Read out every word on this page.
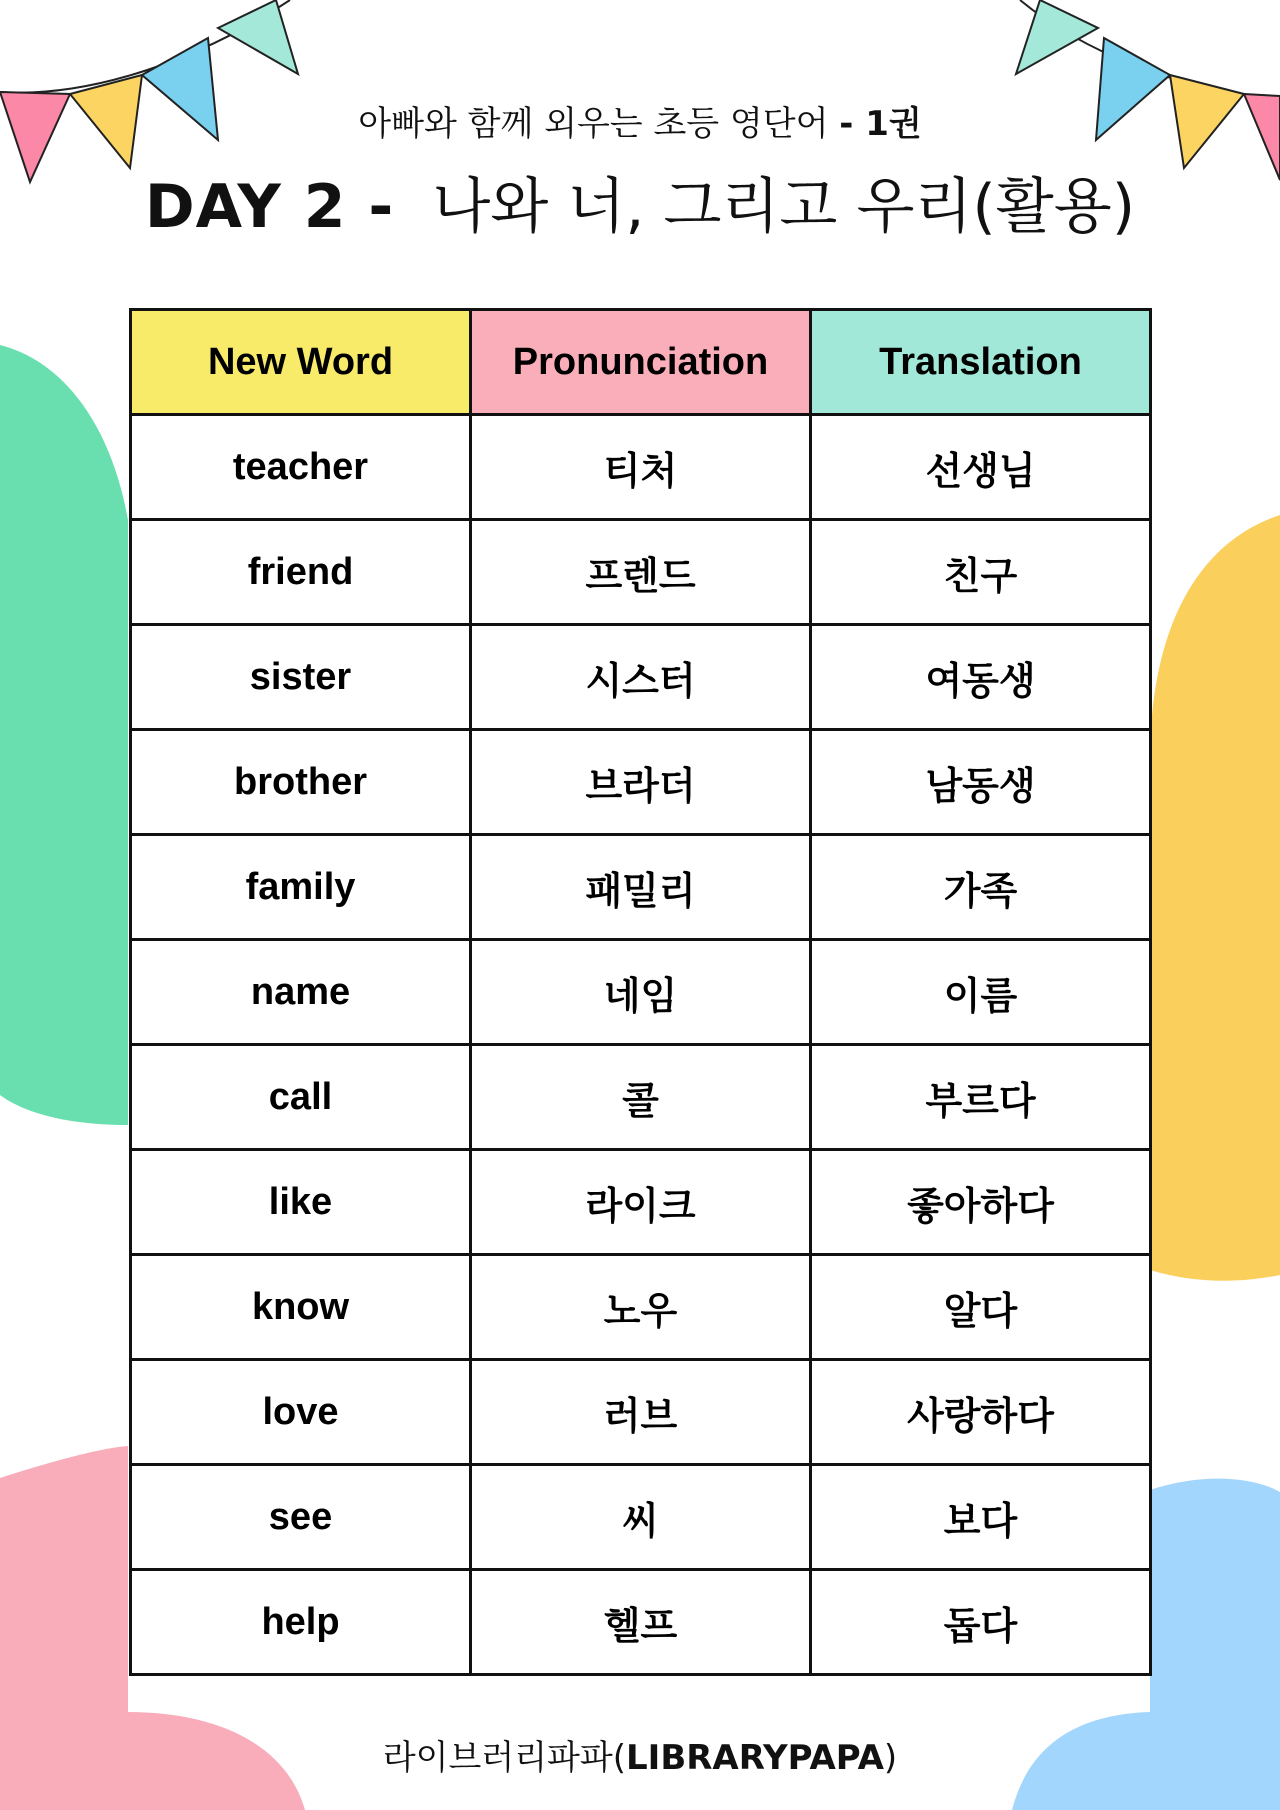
아빠와 함께 외우는 초등 영단어 - 1권
DAY 2 - 나와 너, 그리고 우리(활용)
New Word	Pronunciation	Translation
teacher	티처	선생님
friend	프렌드	친구
sister	시스터	여동생
brother	브라더	남동생
family	패밀리	가족
name	네임	이름
call	콜	부르다
like	라이크	좋아하다
know	노우	알다
love	러브	사랑하다
see	씨	보다
help	헬프	돕다
라이브러리파파(LIBRARYPAPA)
